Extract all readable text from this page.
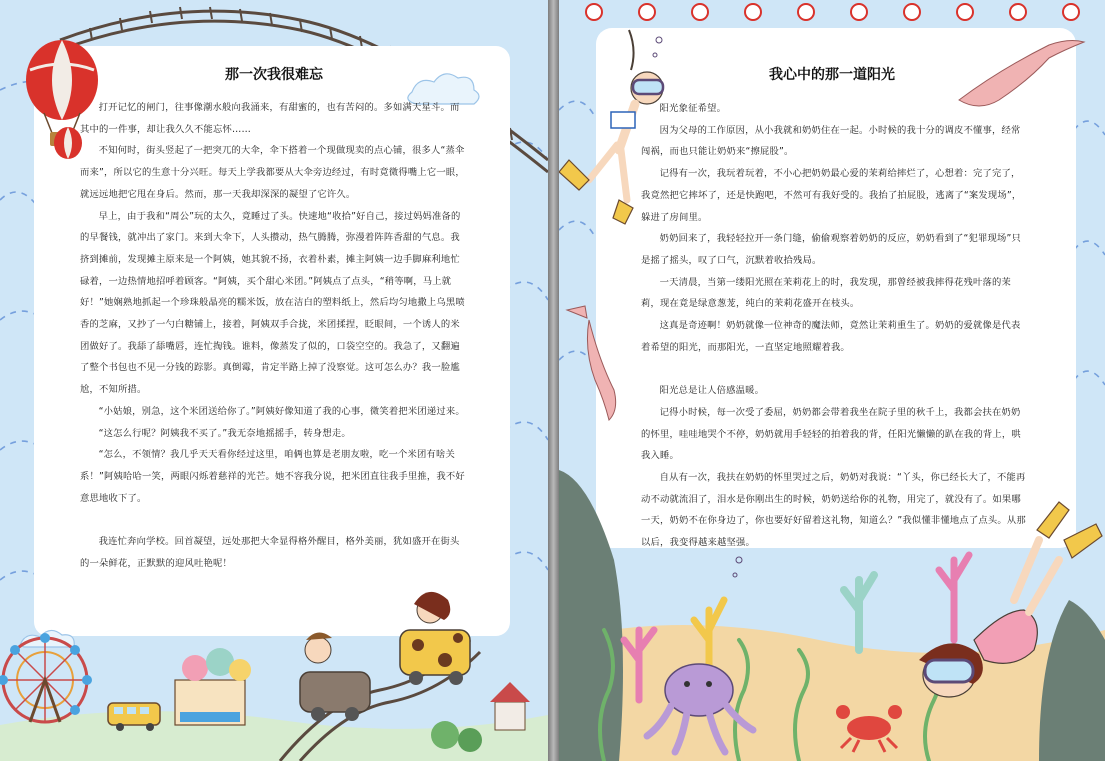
那一次我很难忘

打开记忆的闸门，往事像潮水般向我涌来，有甜蜜的，也有苦闷的。多如满天星斗。而其中的一件事，却让我久久不能忘怀……

不知何时，街头竖起了一把突兀的大伞，伞下搭着一个现做现卖的点心铺，很多人“蒸伞而来”，所以它的生意十分兴旺。每天上学我都要从大伞旁边经过，有时竟微得嘴上它一眼，就远远地把它甩在身后。然而，那一天我却深深的凝望了它许久。

早上，由于我和“周公”玩的太久，竟睡过了头。快速地“收拾”好自己，接过妈妈准备的的早餐钱，就冲出了家门。来到大伞下，人头攒动，热气腾腾，弥漫着阵阵香甜的气息。我挤到摊前，发现摊主原来是一个阿姨，她其貌不扬，衣着朴素，摊主阿姨一边手脚麻利地忙碌着，一边热情地招呼着顾客。“阿姨，买个甜心米团。”阿姨点了点头，“稍等啊，马上就好！”她娴熟地抓起一个珍珠般晶亮的糯米饭，放在洁白的塑料纸上，然后均匀地撒上乌黑喷香的芝麻，又抄了一勺白糖铺上，接着，阿姨双手合拢，米团揉捏，眨眼间，一个诱人的米团做好了。我舔了舔嘴唇，连忙掏钱。谁料，像蒸发了似的，口袋空空的。我急了，又翻遍了整个书包也不见一分钱的踪影。真倒霉，肯定半路上掉了没察觉。这可怎么办？我一脸尴尬，不知所措。

“小姑娘，别急，这个米团送给你了。”阿姨好像知道了我的心事，微笑着把米团递过来。

“这怎么行呢？阿姨我不买了。”我无奈地摇摇手，转身想走。

“怎么，不领情？我几乎天天看你经过这里，咱俩也算是老朋友啦，吃一个米团有啥关系！”阿姨哈哈一笑，两眼闪烁着慈祥的光芒。她不容我分说，把米团直往我手里推，我不好意思地收下了。

我连忙奔向学校。回首凝望，远处那把大伞显得格外醒目，格外美丽，犹如盛开在街头的一朵鲜花，正默默的迎风吐艳呢！

我心中的那一道阳光

阳光象征希望。

因为父母的工作原因，从小我就和奶奶住在一起。小时候的我十分的调皮不懂事，经常闯祸，而也只能让奶奶来“擦屁股”。

记得有一次，我玩着玩着，不小心把奶奶最心爱的茉莉给摔烂了，心想着：完了完了，我竟然把它摔坏了，还是快跑吧，不然可有我好受的。我抬了拍屁股，逃离了“案发现场”，躲进了房间里。

奶奶回来了，我轻轻拉开一条门缝，偷偷观察着奶奶的反应，奶奶看到了“犯罪现场”只是摇了摇头，叹了口气，沉默着收拾残局。

一天清晨，当第一缕阳光照在茉莉花上的时，我发现，那曾经被我摔得花残叶落的茉莉，现在竟是绿意葱茏，纯白的茉莉花盛开在枝头。

这真是奇迹啊！奶奶就像一位神奇的魔法师，竟然让茉莉重生了。奶奶的爱就像是代表着希望的阳光，而那阳光，一直坚定地照耀着我。

阳光总是让人倍感温暖。

记得小时候，每一次受了委屈，奶奶都会带着我坐在院子里的秋千上，我都会扶在奶奶的怀里，哇哇地哭个不停，奶奶就用手轻轻的拍着我的背，任阳光懒懒的趴在我的背上，哄我入睡。

自从有一次，我扶在奶奶的怀里哭过之后，奶奶对我说：“丫头，你已经长大了，不能再动不动就流泪了，泪水是你刚出生的时候，奶奶送给你的礼物，用完了，就没有了。如果哪一天，奶奶不在你身边了，你也要好好留着这礼物，知道么？”我似懂非懂地点了点头。从那以后，我变得越来越坚强。
